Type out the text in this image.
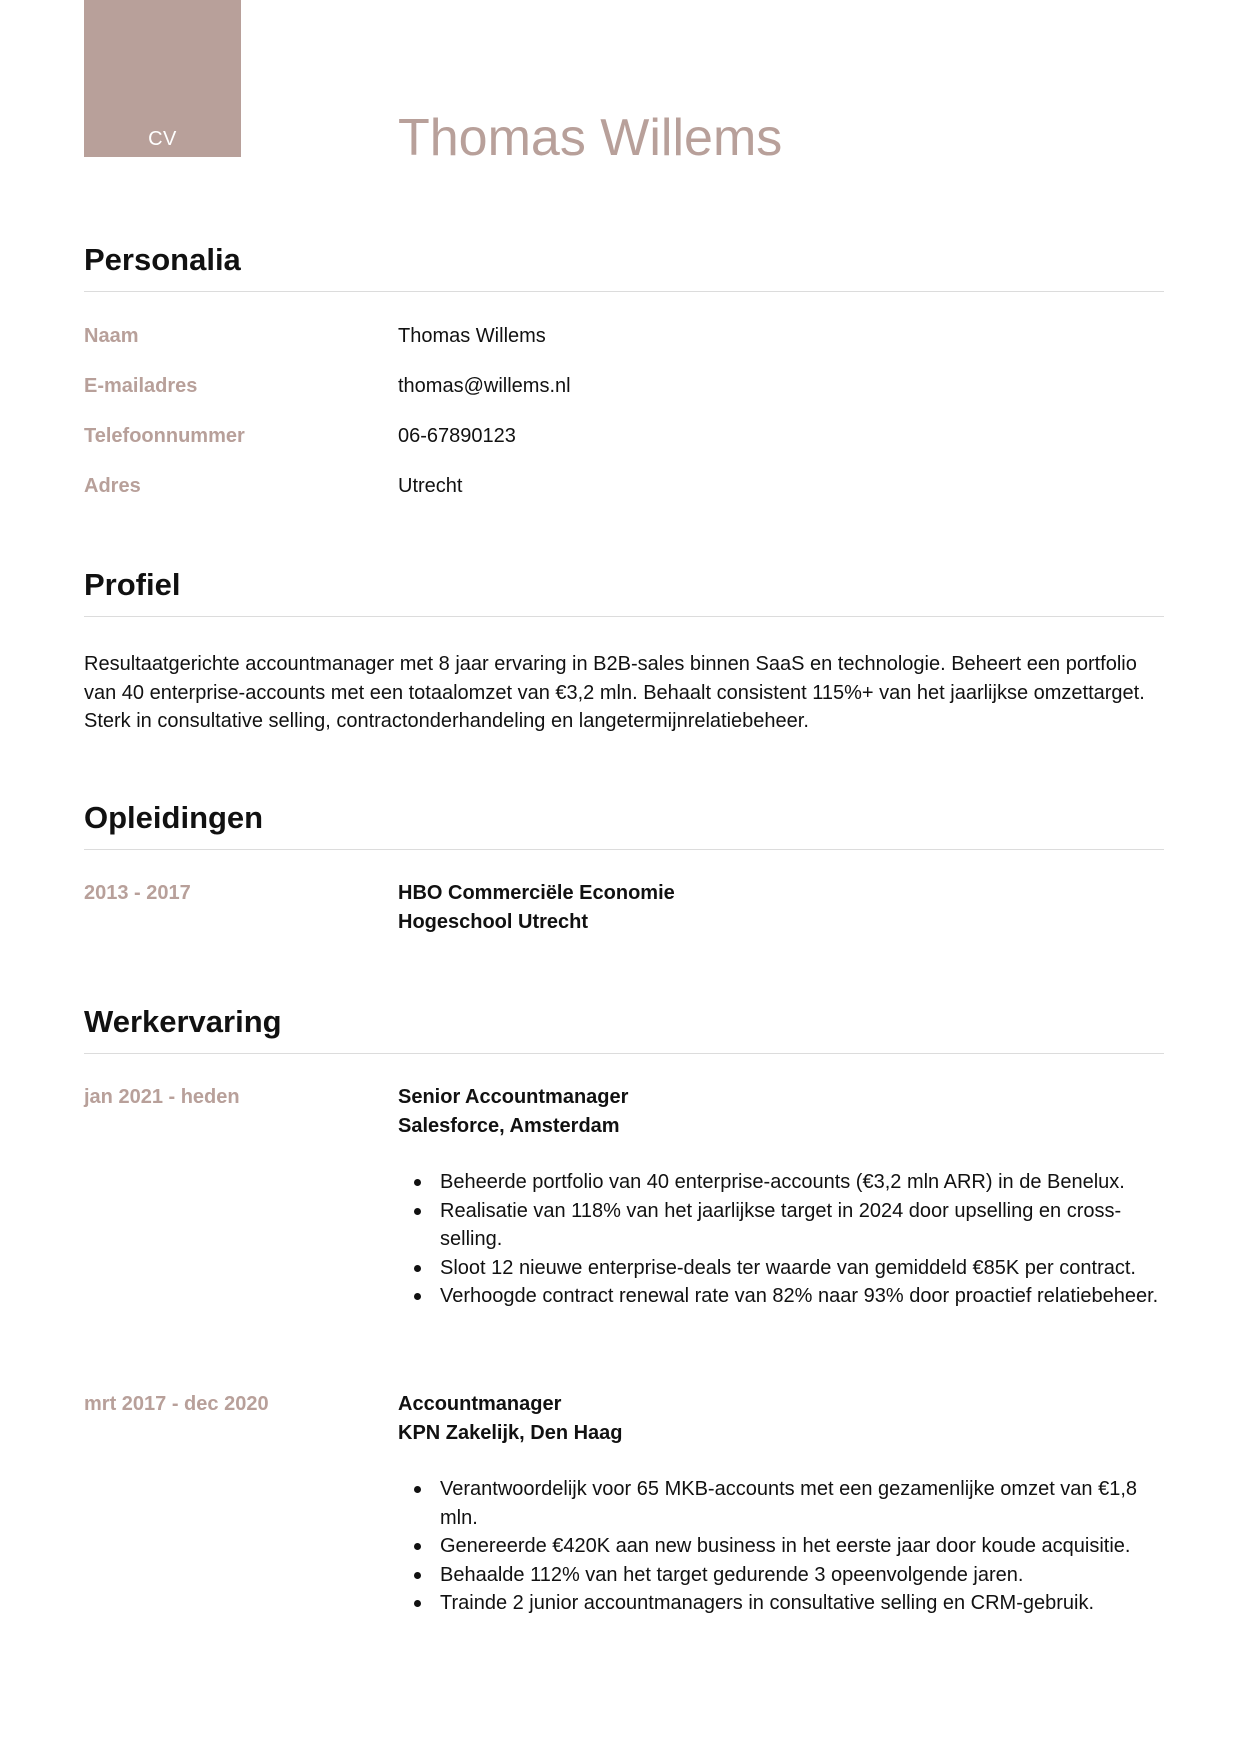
CV	Thomas Willems
Personalia
Naam	Thomas Willems
E-mailadres	thomas@willems.nl
Telefoonnummer	06-67890123
Adres	Utrecht
Profiel

Resultaatgerichte accountmanager met 8 jaar ervaring in B2B-sales binnen SaaS en technologie. Beheert een portfolio van 40 enterprise-accounts met een totaalomzet van €3,2 mln. Behaalt consistent 115%+ van het jaarlijkse omzettarget. Sterk in consultative selling, contractonderhandeling en langetermijnrelatiebeheer.

Opleidingen
2013 - 2017	HBO Commerciële Economie
Hogeschool Utrecht
Werkervaring
jan 2021 - heden	Senior Accountmanager
Salesforce, Amsterdam
Beheerde portfolio van 40 enterprise-accounts (€3,2 mln ARR) in de Benelux.
Realisatie van 118% van het jaarlijkse target in 2024 door upselling en cross-selling.
Sloot 12 nieuwe enterprise-deals ter waarde van gemiddeld €85K per contract.
Verhoogde contract renewal rate van 82% naar 93% door proactief relatiebeheer.
mrt 2017 - dec 2020	Accountmanager
KPN Zakelijk, Den Haag
Verantwoordelijk voor 65 MKB-accounts met een gezamenlijke omzet van €1,8 mln.
Genereerde €420K aan new business in het eerste jaar door koude acquisitie.
Behaalde 112% van het target gedurende 3 opeenvolgende jaren.
Trainde 2 junior accountmanagers in consultative selling en CRM-gebruik.
